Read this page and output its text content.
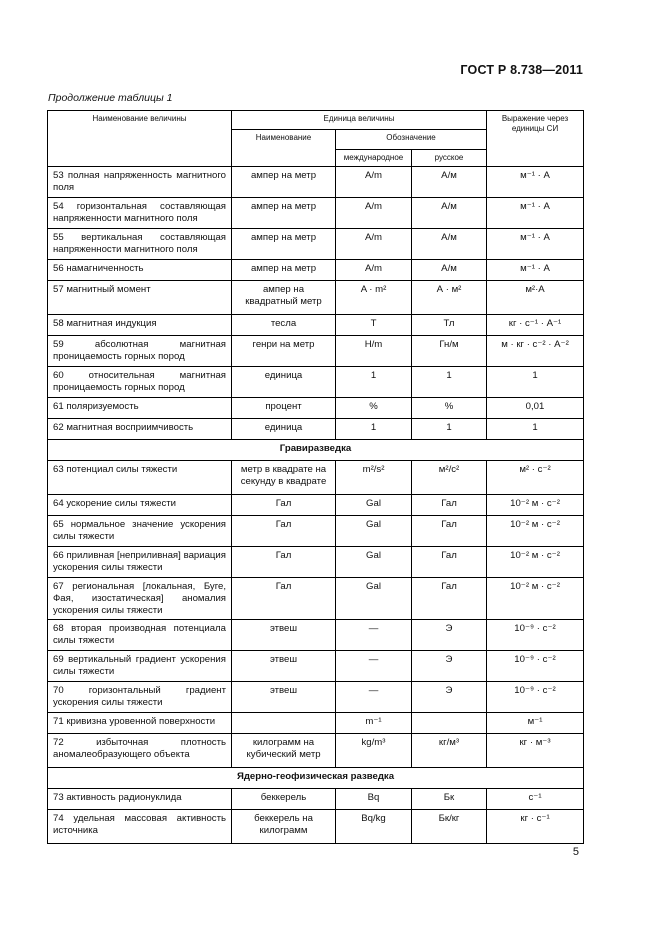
ГОСТ Р 8.738—2011
Продолжение таблицы 1
Наименование величины	Единица величины			Выражение через единицы СИ
	Наименование	Обозначение		
		международное	русское	
53 полная напряженность магнитного поля	ампер на метр	A/m	А/м	м⁻¹ · А
54 горизонтальная составляющая напряженности магнитного поля	ампер на метр	A/m	А/м	м⁻¹ · А
55 вертикальная составляющая напряженности магнитного поля	ампер на метр	A/m	А/м	м⁻¹ · А
56 намагниченность	ампер на метр	A/m	А/м	м⁻¹ · А
57 магнитный момент	ампер на квадратный метр	A · m²	А · м²	м²·А
58 магнитная индукция	тесла	T	Тл	кг · с⁻¹ · А⁻¹
59 абсолютная магнитная проницаемость горных пород	генри на метр	H/m	Гн/м	м · кг · с⁻² · А⁻²
60 относительная магнитная проницаемость горных пород	единица	1	1	1
61 поляризуемость	процент	%	%	0,01
62 магнитная восприимчивость	единица	1	1	1
Гравиразведка				
63 потенциал силы тяжести	метр в квадрате на секунду в квадрате	m²/s²	м²/с²	м² · с⁻²
64 ускорение силы тяжести	Гал	Gal	Гал	10⁻² м · с⁻²
65 нормальное значение ускорения силы тяжести	Гал	Gal	Гал	10⁻² м · с⁻²
66 приливная [неприливная] вариация ускорения силы тяжести	Гал	Gal	Гал	10⁻² м · с⁻²
67 региональная [локальная, Буге, Фая, изостатическая] аномалия ускорения силы тяжести	Гал	Gal	Гал	10⁻² м · с⁻²
68 вторая производная потенциала силы тяжести	этвеш	—	Э	10⁻⁹ · с⁻²
69 вертикальный градиент ускорения силы тяжести	этвеш	—	Э	10⁻⁹ · с⁻²
70 горизонтальный градиент ускорения силы тяжести	этвеш	—	Э	10⁻⁹ · с⁻²
71 кривизна уровенной поверхности		m⁻¹		м⁻¹
72 избыточная плотность аномалеобразующего объекта	килограмм на кубический метр	kg/m³	кг/м³	кг · м⁻³
Ядерно-геофизическая разведка				
73 активность радионуклида	беккерель	Bq	Бк	с⁻¹
74 удельная массовая активность источника	беккерель на килограмм	Bq/kg	Бк/кг	кг · с⁻¹
5
